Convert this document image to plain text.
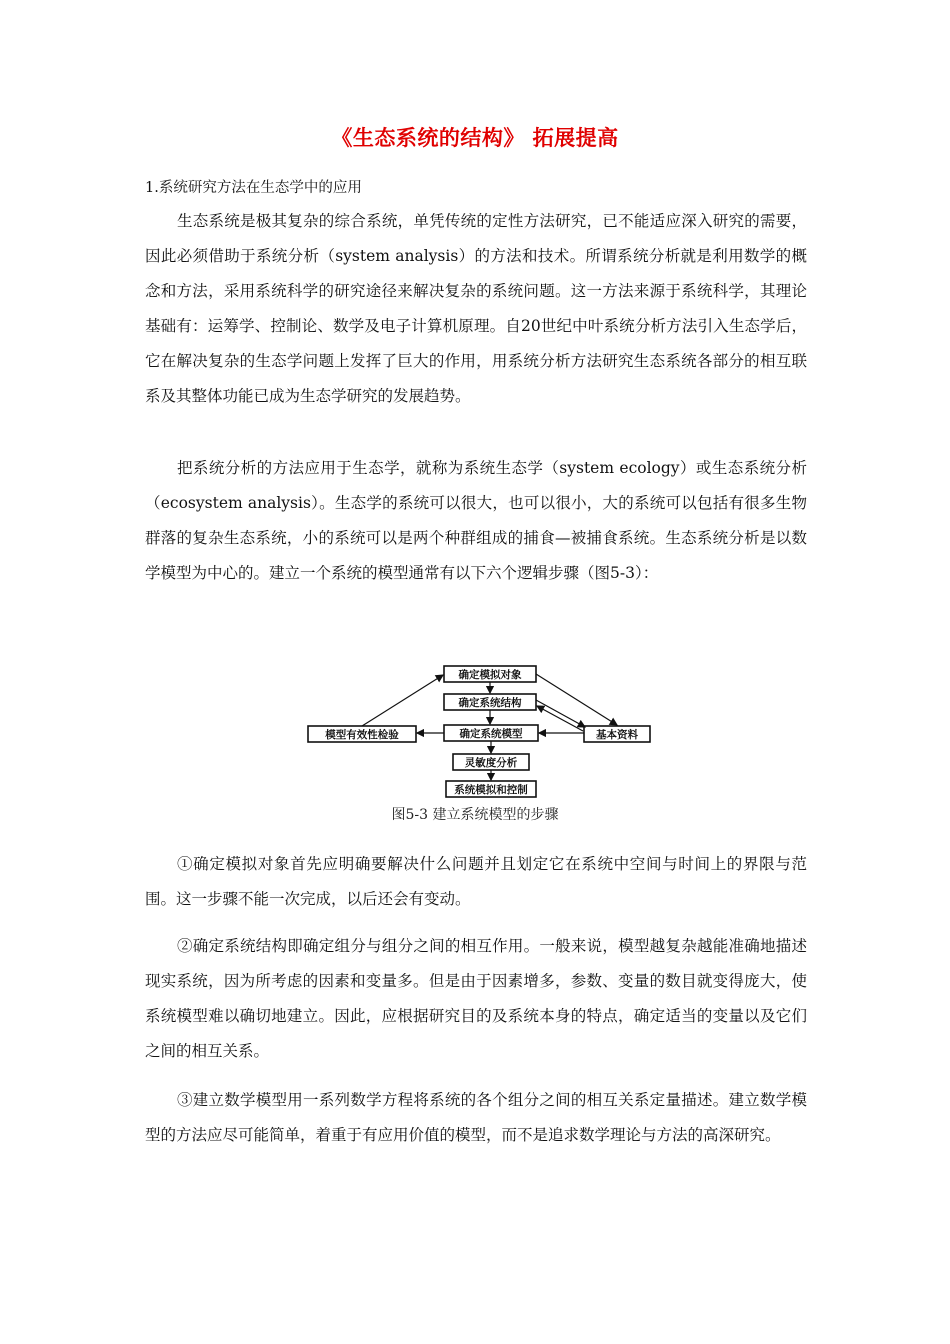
《生态系统的结构》 拓展提高
1.系统研究方法在生态学中的应用

生态系统是极其复杂的综合系统，单凭传统的定性方法研究，已不能适应深入研究的需要，因此必须借助于系统分析（system analysis）的方法和技术。所谓系统分析就是利用数学的概念和方法，采用系统科学的研究途径来解决复杂的系统问题。这一方法来源于系统科学，其理论基础有：运筹学、控制论、数学及电子计算机原理。自20世纪中叶系统分析方法引入生态学后，它在解决复杂的生态学问题上发挥了巨大的作用，用系统分析方法研究生态系统各部分的相互联系及其整体功能已成为生态学研究的发展趋势。

把系统分析的方法应用于生态学，就称为系统生态学（system ecology）或生态系统分析（ecosystem analysis）。生态学的系统可以很大，也可以很小，大的系统可以包括有很多生物群落的复杂生态系统，小的系统可以是两个种群组成的捕食—被捕食系统。生态系统分析是以数学模型为中心的。建立一个系统的模型通常有以下六个逻辑步骤（图5-3）：

确定模拟对象
确定系统结构
确定系统模型
模型有效性检验	基本资料
灵敏度分析
系统模拟和控制
图5-3 建立系统模型的步骤

①确定模拟对象首先应明确要解决什么问题并且划定它在系统中空间与时间上的界限与范围。这一步骤不能一次完成，以后还会有变动。

②确定系统结构即确定组分与组分之间的相互作用。一般来说，模型越复杂越能准确地描述现实系统，因为所考虑的因素和变量多。但是由于因素增多，参数、变量的数目就变得庞大，使系统模型难以确切地建立。因此，应根据研究目的及系统本身的特点，确定适当的变量以及它们之间的相互关系。

③建立数学模型用一系列数学方程将系统的各个组分之间的相互关系定量描述。建立数学模型的方法应尽可能简单，着重于有应用价值的模型，而不是追求数学理论与方法的高深研究。
